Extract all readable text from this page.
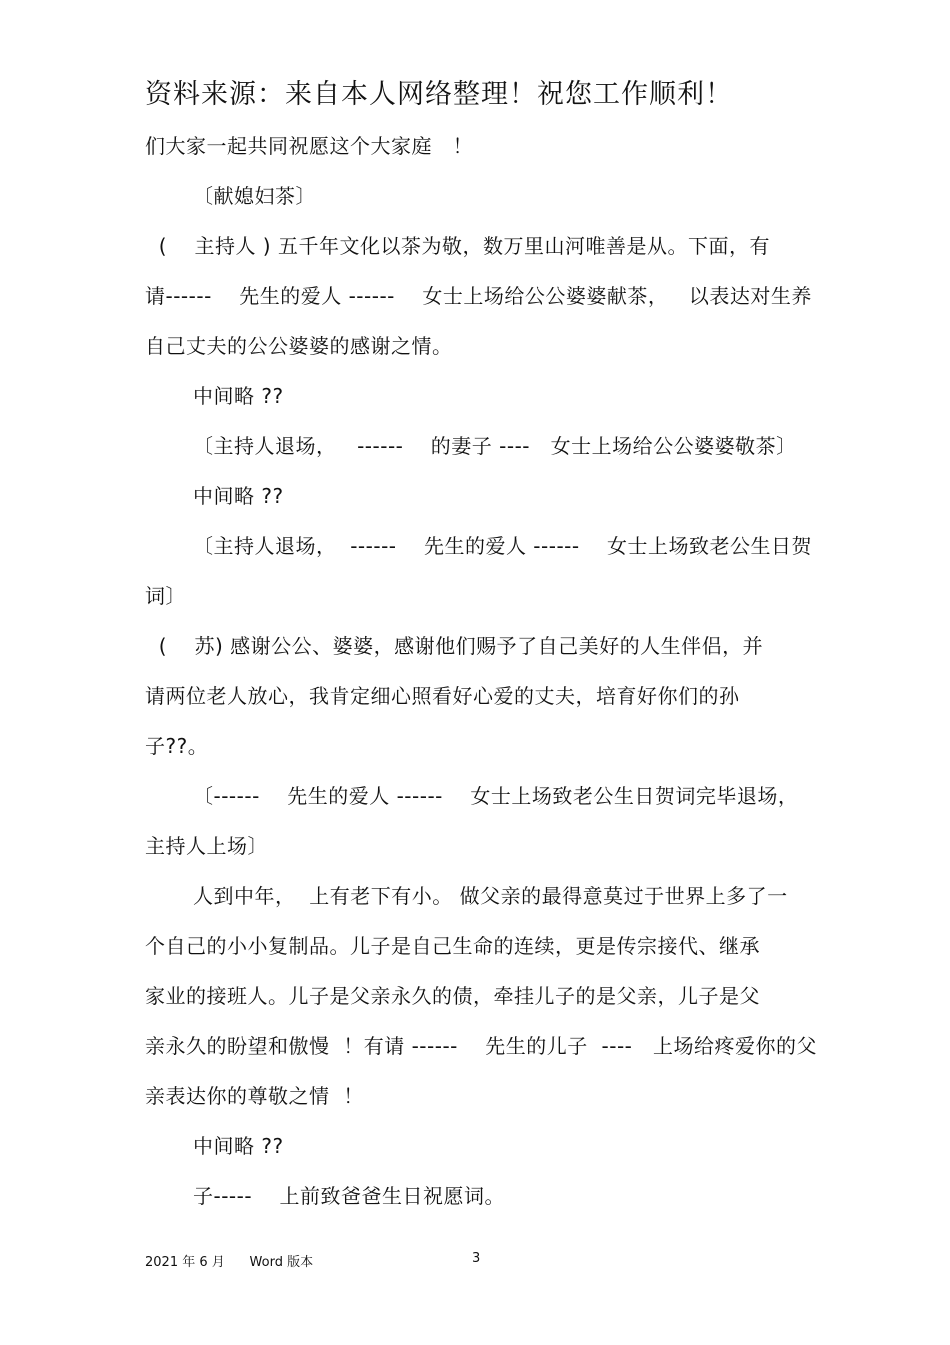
资料来源：来自本人网络整理！祝您工作顺利！
们大家一起共同祝愿这个大家庭   ！
〔献媳妇茶〕
(    主持人 ) 五千年文化以茶为敬，数万里山河唯善是从。下面，有
请------    先生的爱人 ------    女士上场给公公婆婆献茶，   以表达对生养
自己丈夫的公公婆婆的感谢之情。
中间略 ??
〔主持人退场，   ------    的妻子 ----   女士上场给公公婆婆敬茶〕
中间略 ??
〔主持人退场，  ------    先生的爱人 ------    女士上场致老公生日贺
词〕
(    苏) 感谢公公、婆婆，感谢他们赐予了自己美好的人生伴侣，并
请两位老人放心，我肯定细心照看好心爱的丈夫，培育好你们的孙
子??。
〔------    先生的爱人 ------    女士上场致老公生日贺词完毕退场，
主持人上场〕
人到中年，  上有老下有小。 做父亲的最得意莫过于世界上多了一
个自己的小小复制品。儿子是自己生命的连续，更是传宗接代、继承
家业的接班人。儿子是父亲永久的债，牵挂儿子的是父亲，儿子是父
亲永久的盼望和傲慢  ！有请 ------    先生的儿子  ----   上场给疼爱你的父
亲表达你的尊敬之情  ！
中间略 ??
子-----    上前致爸爸生日祝愿词。
2021 年 6 月      Word 版本	3
